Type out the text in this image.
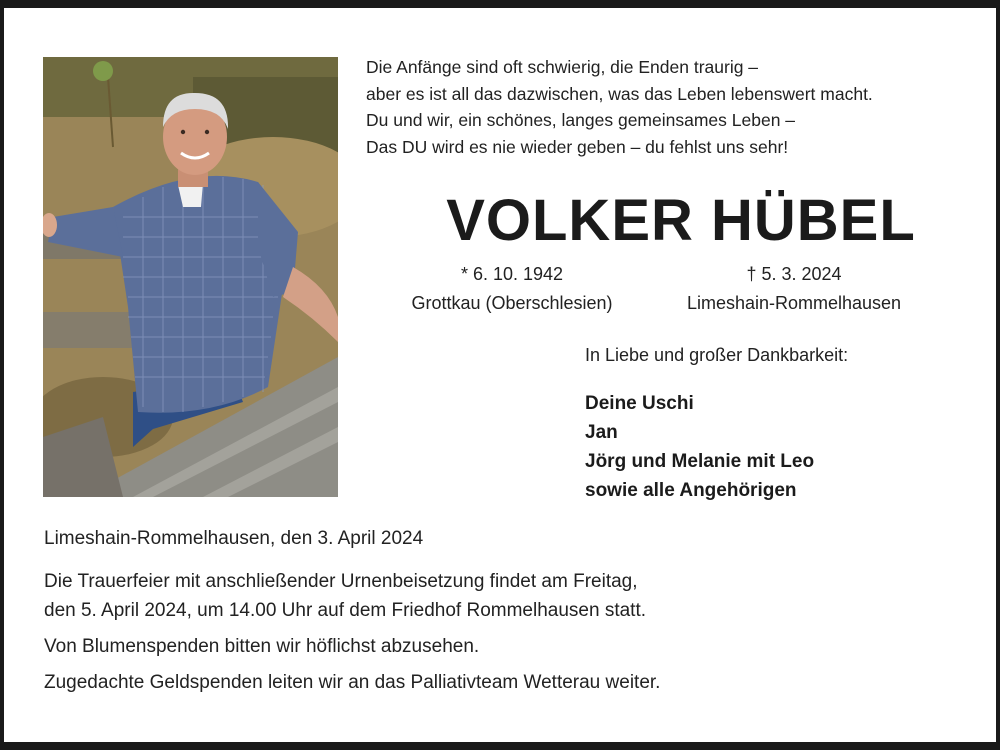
Die Anfänge sind oft schwierig, die Enden traurig –
aber es ist all das dazwischen, was das Leben lebenswert macht.
Du und wir, ein schönes, langes gemeinsames Leben –
Das DU wird es nie wieder geben – du fehlst uns sehr!
VOLKER HÜBEL
* 6. 10. 1942
Grottkau (Oberschlesien)
† 5. 3. 2024
Limeshain-Rommelhausen
In Liebe und großer Dankbarkeit:
Deine Uschi
Jan
Jörg und Melanie mit Leo
sowie alle Angehörigen
Limeshain-Rommelhausen, den 3. April 2024
Die Trauerfeier mit anschließender Urnenbeisetzung findet am Freitag,
den 5. April 2024, um 14.00 Uhr auf dem Friedhof Rommelhausen statt.
Von Blumenspenden bitten wir höflichst abzusehen.
Zugedachte Geldspenden leiten wir an das Palliativteam Wetterau weiter.
